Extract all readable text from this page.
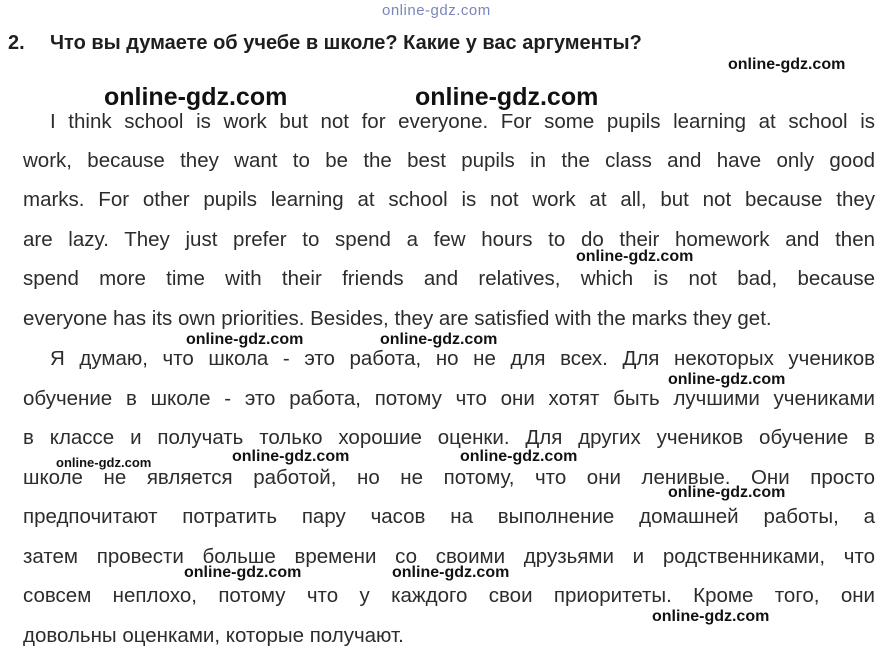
online-gdz.com
online-gdz.com
online-gdz.com	online-gdz.com
2. Что вы думаете об учебе в школе? Какие у вас аргументы?
I think school is work but not for everyone. For some pupils learning at school is
work, because they want to be the best pupils in the class and have only good
marks. For other pupils learning at school is not work at all, but not because they
are lazy. They just prefer to spend a few hours to do their homework and then
spend more time with their friends and relatives, which is not bad, because
everyone has its own priorities. Besides, they are satisfied with the marks they get.
Я думаю, что школа - это работа, но не для всех. Для некоторых учеников
обучение в школе - это работа, потому что они хотят быть лучшими учениками
в классе и получать только хорошие оценки. Для других учеников обучение в
школе не является работой, но не потому, что они ленивые. Они просто
предпочитают потратить пару часов на выполнение домашней работы, а
затем провести больше времени со своими друзьями и родственниками, что
совсем неплохо, потому что у каждого свои приоритеты. Кроме того, они
довольны оценками, которые получают.
online-gdz.com
online-gdz.com	online-gdz.com
online-gdz.com
online-gdz.com	online-gdz.com	online-gdz.com
online-gdz.com
online-gdz.com	online-gdz.com
online-gdz.com
